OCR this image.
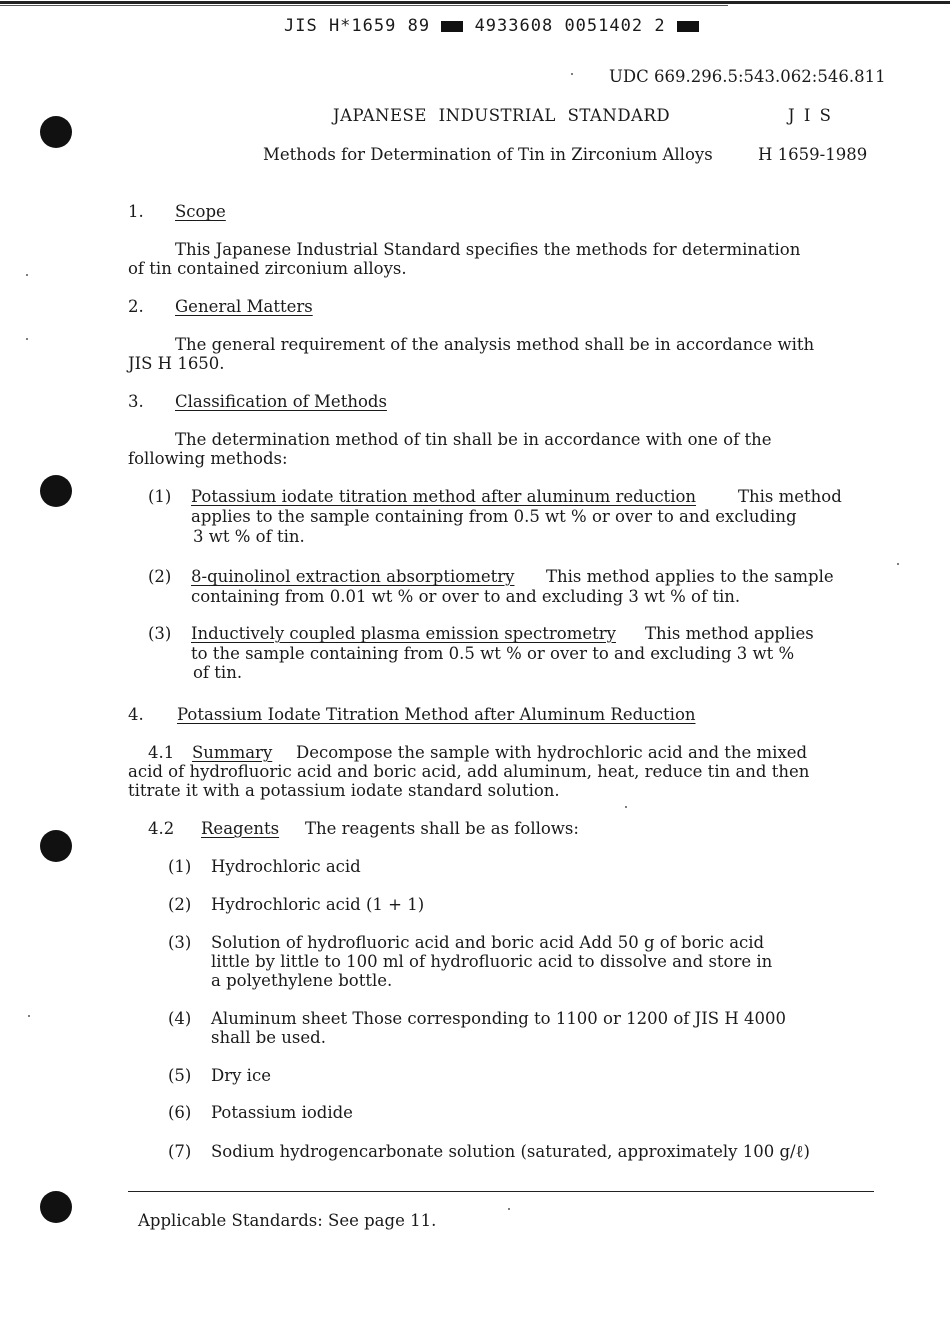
JIS H*1659 89	4933608 0051402 2
UDC 669.296.5:543.062:546.811
JAPANESE INDUSTRIAL STANDARD	J I S
Methods for Determination of Tin in Zirconium Alloys	H 1659-1989
1. Scope
This Japanese Industrial Standard specifies the methods for determination
of tin contained zirconium alloys.
2. General Matters
The general requirement of the analysis method shall be in accordance with
JIS H 1650.
3. Classification of Methods
The determination method of tin shall be in accordance with one of the
following methods:
(1) Potassium iodate titration method after aluminum reduction	This method
applies to the sample containing from 0.5 wt % or over to and excluding
3 wt % of tin.
(2) 8-quinolinol extraction absorptiometry This method applies to the sample
containing from 0.01 wt % or over to and excluding 3 wt % of tin.
(3) Inductively coupled plasma emission spectrometry This method applies
to the sample containing from 0.5 wt % or over to and excluding 3 wt %
of tin.
4. Potassium Iodate Titration Method after Aluminum Reduction
4.1 Summary Decompose the sample with hydrochloric acid and the mixed
acid of hydrofluoric acid and boric acid, add aluminum, heat, reduce tin and then
titrate it with a potassium iodate standard solution.
4.2 Reagents The reagents shall be as follows:
(1) Hydrochloric acid
(2) Hydrochloric acid (1 + 1)
(3) Solution of hydrofluoric acid and boric acid Add 50 g of boric acid
little by little to 100 ml of hydrofluoric acid to dissolve and store in
a polyethylene bottle.
(4) Aluminum sheet Those corresponding to 1100 or 1200 of JIS H 4000
shall be used.
(5) Dry ice
(6) Potassium iodide
(7) Sodium hydrogencarbonate solution (saturated, approximately 100 g/ℓ)
Applicable Standards: See page 11.
